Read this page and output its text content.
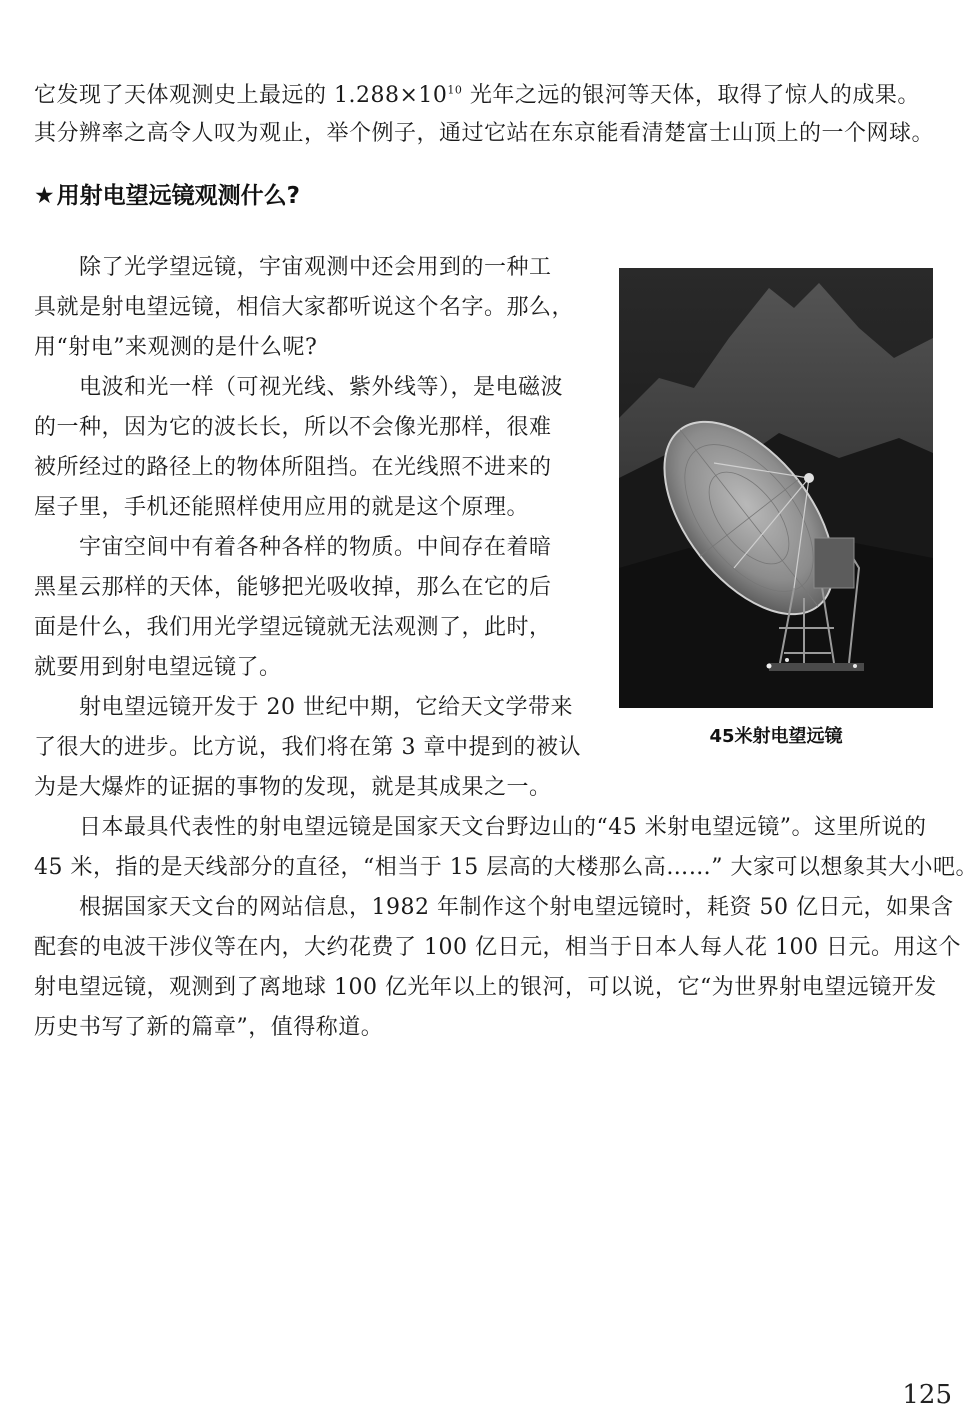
它发现了天体观测史上最远的 $1.288\times 10^{10}$ 光年之远的银河等天体，取得了惊人的成果。

其分辨率之高令人叹为观止，举个例子，通过它站在东京能看清楚富士山顶上的一个网球。

★用射电望远镜观测什么?

　　除了光学望远镜，宇宙观测中还会用到的一种工

具就是射电望远镜，相信大家都听说这个名字。那么，

用“射电”来观测的是什么呢?

　　电波和光一样（可视光线、紫外线等），是电磁波

的一种，因为它的波长长，所以不会像光那样，很难

被所经过的路径上的物体所阻挡。在光线照不进来的

屋子里，手机还能照样使用应用的就是这个原理。

　　宇宙空间中有着各种各样的物质。中间存在着暗

黑星云那样的天体，能够把光吸收掉，那么在它的后

面是什么，我们用光学望远镜就无法观测了，此时，

就要用到射电望远镜了。

　　射电望远镜开发于 20 世纪中期，它给天文学带来

了很大的进步。比方说，我们将在第 3 章中提到的被认

为是大爆炸的证据的事物的发现，就是其成果之一。

　　日本最具代表性的射电望远镜是国家天文台野边山的“45 米射电望远镜”。这里所说的

45 米，指的是天线部分的直径，“相当于 15 层高的大楼那么高……” 大家可以想象其大小吧。

　　根据国家天文台的网站信息，1982 年制作这个射电望远镜时，耗资 50 亿日元，如果含

配套的电波干涉仪等在内，大约花费了 100 亿日元，相当于日本人每人花 100 日元。用这个

射电望远镜，观测到了离地球 100 亿光年以上的银河，可以说，它“为世界射电望远镜开发

历史书写了新的篇章”，值得称道。

45米射电望远镜
125
